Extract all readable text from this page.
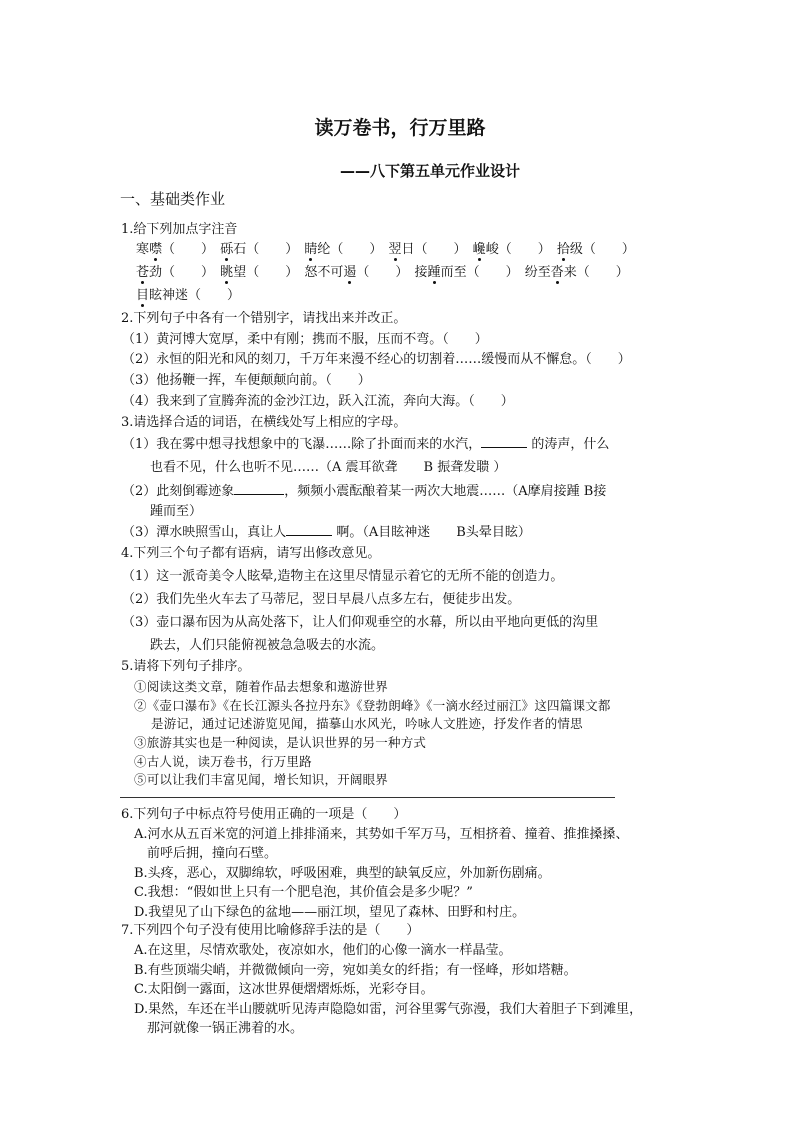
读万卷书，行万里路
——八下第五单元作业设计
一、基础类作业
1.给下列加点字注音
寒噤（　　） 砾石（　　） 睛纶（　　） 翌日（　　） 巉峻（　　） 拾级（　　）
苍劲（　　） 眺望（　　） 怒不可遏（　　） 接踵而至（　　） 纷至沓来（　　）
目眩神迷（　　）
2.下列句子中各有一个错别字，请找出来并改正。
（1）黄河博大宽厚，柔中有刚；携而不服，压而不弯。（　　）
（2）永恒的阳光和风的刻刀，千万年来漫不经心的切割着……缓慢而从不懈怠。（　　）
（3）他扬鞭一挥，车便颠颠向前。（　　）
（4）我来到了宣腾奔流的金沙江边，跃入江流，奔向大海。（　　）
3.请选择合适的词语，在横线处写上相应的字母。
（1）我在雾中想寻找想象中的飞瀑……除了扑面而来的水汽，	的涛声，什么
也看不见，什么也听不见……（A 震耳欲聋　　B 振聋发聩 ）
（2）此刻倒霉迹象	，频频小震酝酿着某一两次大地震……（A摩肩接踵 B接
踵而至）
（3）潭水映照雪山，真让人	啊。（A目眩神迷　　B头晕目眩）
4.下列三个句子都有语病，请写出修改意见。
（1）这一派奇美令人眩晕,造物主在这里尽情显示着它的无所不能的创造力。
（2）我们先坐火车去了马蒂尼，翌日早晨八点多左右，便徒步出发。
（3）壶口瀑布因为从高处落下，让人们仰观垂空的水幕，所以由平地向更低的沟里
跌去，人们只能俯视被急急吸去的水流。
5.请将下列句子排序。
①阅读这类文章，随着作品去想象和遨游世界
②《壶口瀑布》《在长江源头各拉丹东》《登勃朗峰》《一滴水经过丽江》这四篇课文都
是游记，通过记述游览见闻，描摹山水风光，吟咏人文胜迹，抒发作者的情思
③旅游其实也是一种阅读，是认识世界的另一种方式
④古人说，读万卷书，行万里路
⑤可以让我们丰富见闻，增长知识，开阔眼界
6.下列句子中标点符号使用正确的一项是（　　）
A.河水从五百米宽的河道上排排涌来，其势如千军万马，互相挤着、撞着、推推搡搡、
前呼后拥，撞向石壁。
B.头疼，恶心，双脚绵软，呼吸困难，典型的缺氧反应，外加新伤剧痛。
C.我想：“假如世上只有一个肥皂泡，其价值会是多少呢？”
D.我望见了山下绿色的盆地——丽江坝，望见了森林、田野和村庄。
7.下列四个句子没有使用比喻修辞手法的是（　　）
A.在这里，尽情欢歌处，夜凉如水，他们的心像一滴水一样晶莹。
B.有些顶端尖峭，并微微倾向一旁，宛如美女的纤指；有一怪峰，形如塔糖。
C.太阳倒一露面，这冰世界便熠熠烁烁，光彩夺目。
D.果然，车还在半山腰就听见涛声隐隐如雷，河谷里雾气弥漫，我们大着胆子下到滩里，
那河就像一锅正沸着的水。
